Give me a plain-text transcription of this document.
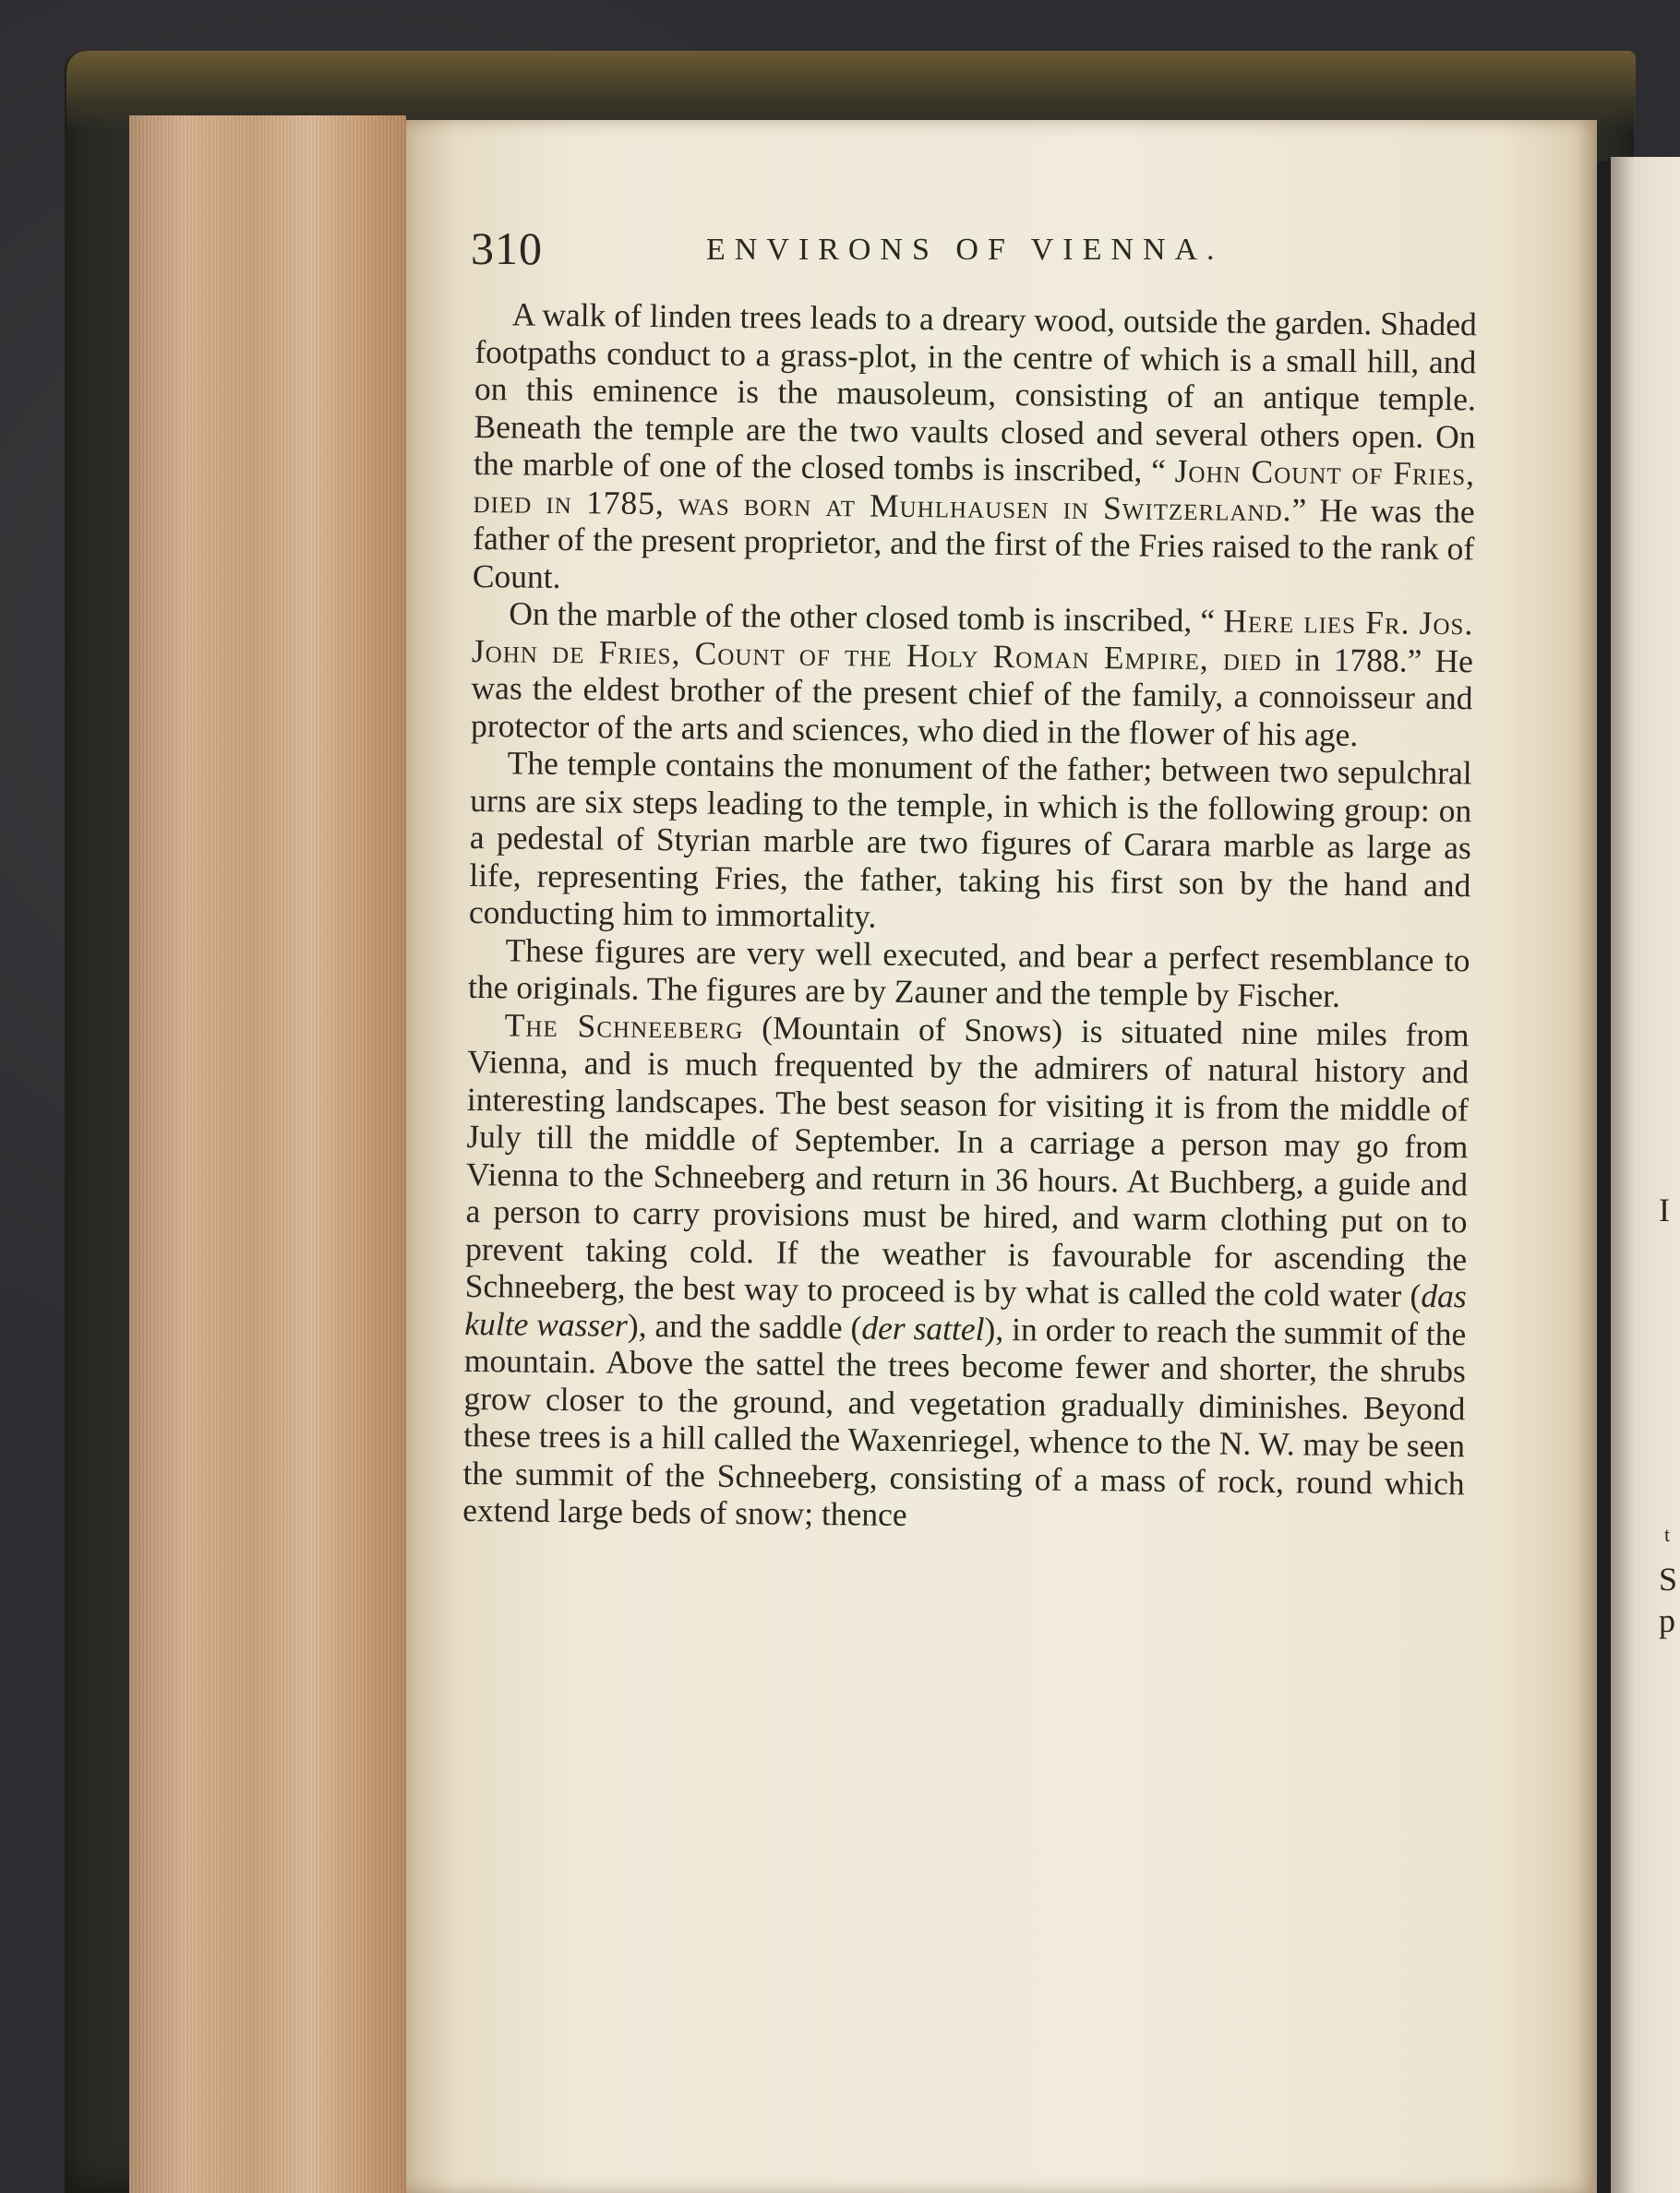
I
t
S
p
310	ENVIRONS OF VIENNA.

A walk of linden trees leads to a dreary wood, outside the garden. Shaded footpaths conduct to a grass-plot, in the centre of which is a small hill, and on this eminence is the mausoleum, consisting of an antique temple. Beneath the temple are the two vaults closed and several others open. On the marble of one of the closed tombs is inscribed, “ John Count of Fries, died in 1785, was born at Muhlhausen in Switzerland.” He was the father of the present proprietor, and the first of the Fries raised to the rank of Count.

On the marble of the other closed tomb is inscribed, “ Here lies Fr. Jos. John de Fries, Count of the Holy Roman Empire, died in 1788.” He was the eldest brother of the present chief of the family, a connoisseur and protector of the arts and sciences, who died in the flower of his age.

The temple contains the monument of the father; between two sepulchral urns are six steps leading to the temple, in which is the following group: on a pedestal of Styrian marble are two figures of Carara marble as large as life, representing Fries, the father, taking his first son by the hand and conducting him to immortality.

These figures are very well executed, and bear a perfect resemblance to the originals. The figures are by Zauner and the temple by Fischer.

The Schneeberg (Mountain of Snows) is situated nine miles from Vienna, and is much frequented by the admirers of natural history and interesting landscapes. The best season for visiting it is from the middle of July till the middle of September. In a carriage a person may go from Vienna to the Schneeberg and return in 36 hours. At Buchberg, a guide and a person to carry provisions must be hired, and warm clothing put on to prevent taking cold. If the weather is favourable for ascending the Schneeberg, the best way to proceed is by what is called the cold water (das kulte wasser), and the saddle (der sattel), in order to reach the summit of the mountain. Above the sattel the trees become fewer and shorter, the shrubs grow closer to the ground, and vegetation gradually diminishes. Beyond these trees is a hill called the Waxenriegel, whence to the N. W. may be seen the summit of the Schneeberg, consisting of a mass of rock, round which extend large beds of snow; thence
